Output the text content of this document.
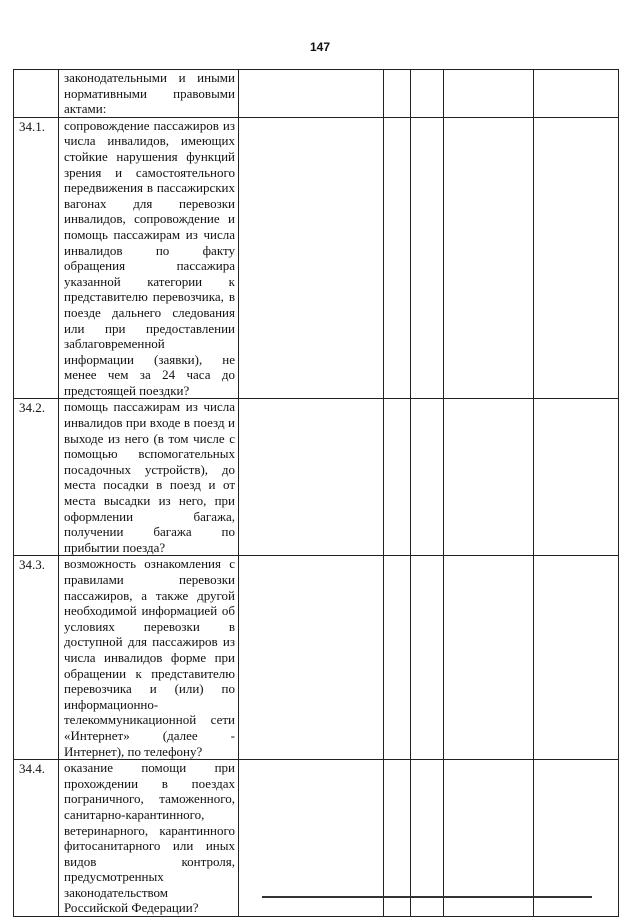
147
	законодательными и иными нормативными правовыми актами:					
34.1.	сопровождение пассажиров из числа инвалидов, имеющих стойкие нарушения функций зрения и самостоятельного передвижения в пассажирских вагонах для перевозки инвалидов, сопровождение и помощь пассажирам из числа инвалидов по факту обращения пассажира указанной категории к представителю перевозчика, в поезде дальнего следования или при предоставлении заблаговременной информации (заявки), не менее чем за 24 часа до предстоящей поездки?					
34.2.	помощь пассажирам из числа инвалидов при входе в поезд и выходе из него (в том числе с помощью вспомогательных посадочных устройств), до места посадки в поезд и от места высадки из него, при оформлении багажа, получении багажа по прибытии поезда?					
34.3.	возможность ознакомления с правилами перевозки пассажиров, а также другой необходимой информацией об условиях перевозки в доступной для пассажиров из числа инвалидов форме при обращении к представителю перевозчика и (или) по информационно-телекоммуникационной сети «Интернет» (далее - Интернет), по телефону?					
34.4.	оказание помощи при прохождении в поездах пограничного, таможенного, санитарно-карантинного, ветеринарного, карантинного фитосанитарного или иных видов контроля, предусмотренных законодательством Российской Федерации?					
